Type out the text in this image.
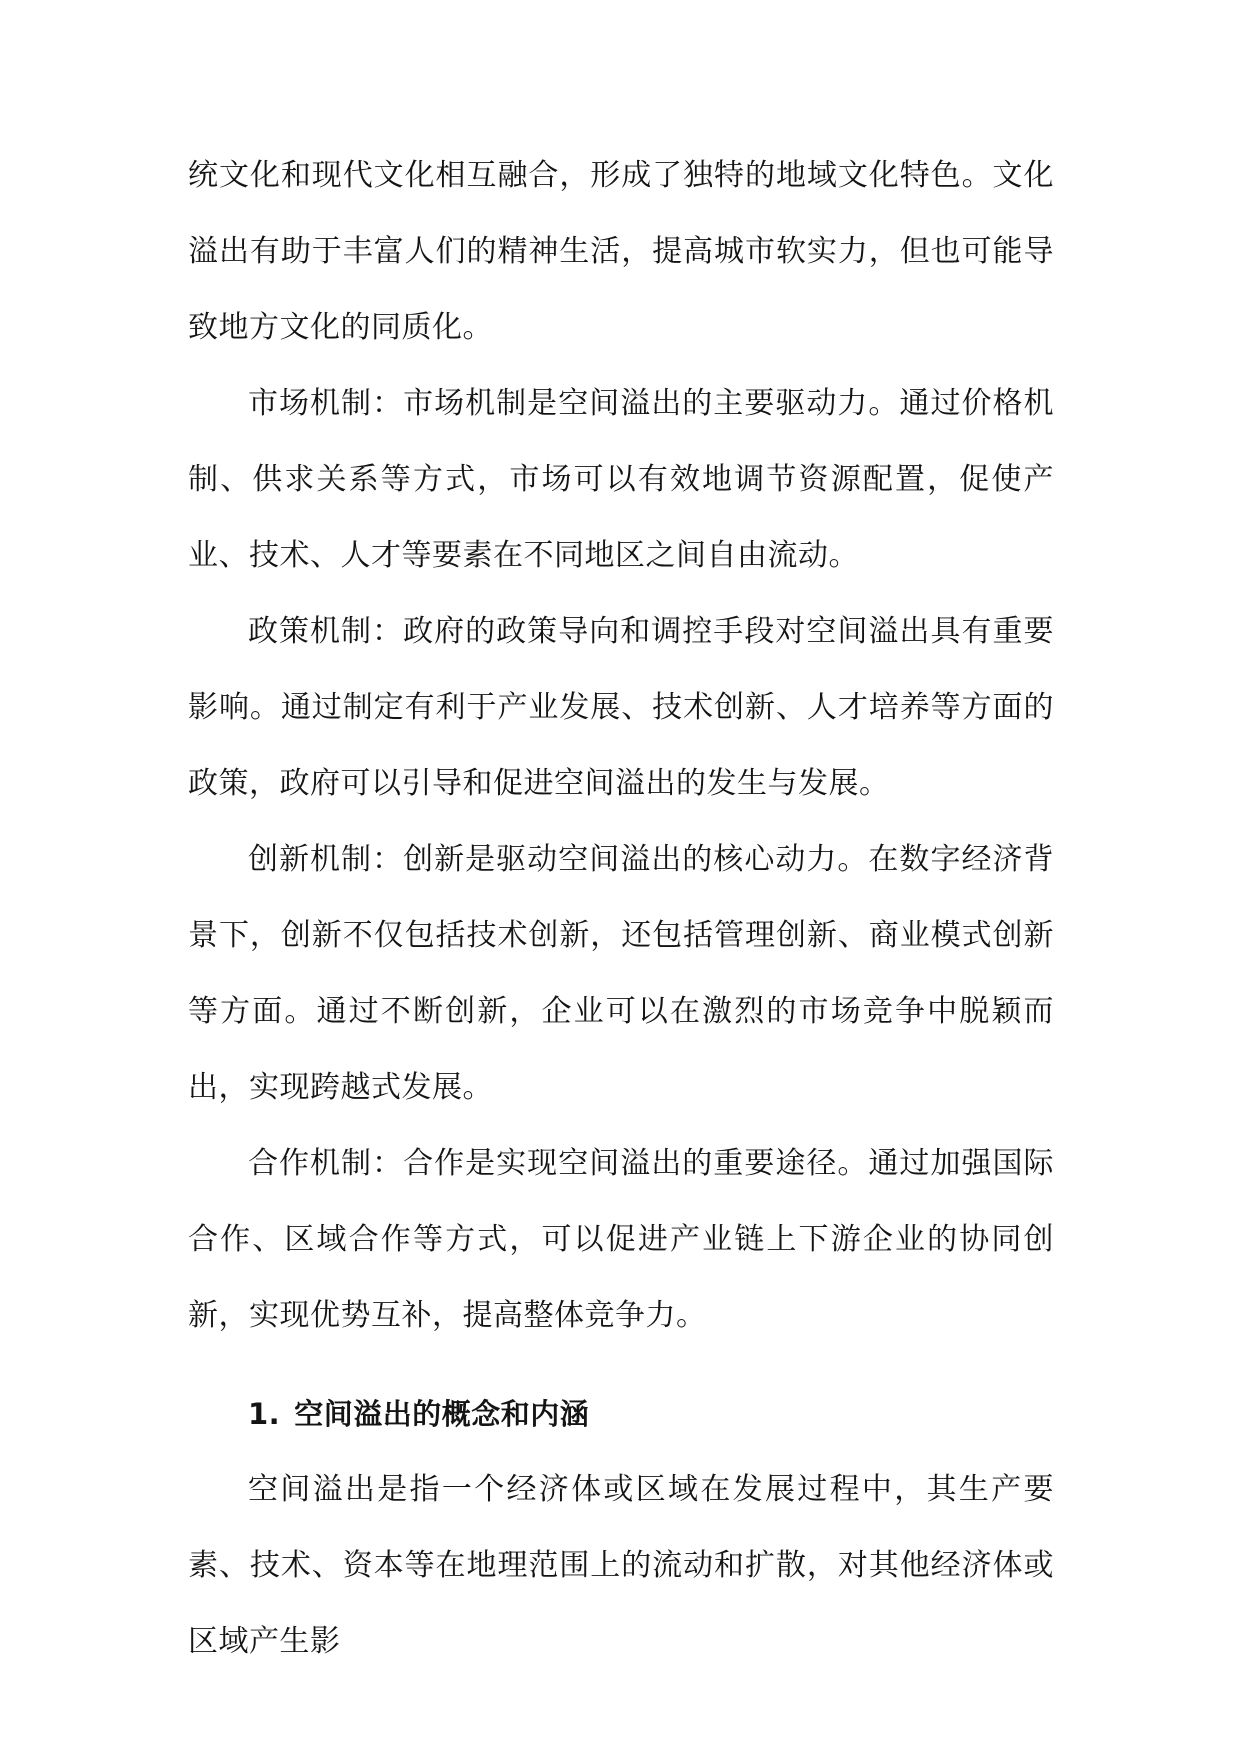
统文化和现代文化相互融合，形成了独特的地域文化特色。文化溢出有助于丰富人们的精神生活，提高城市软实力，但也可能导致地方文化的同质化。

市场机制：市场机制是空间溢出的主要驱动力。通过价格机制、供求关系等方式，市场可以有效地调节资源配置，促使产业、技术、人才等要素在不同地区之间自由流动。

政策机制：政府的政策导向和调控手段对空间溢出具有重要影响。通过制定有利于产业发展、技术创新、人才培养等方面的政策，政府可以引导和促进空间溢出的发生与发展。

创新机制：创新是驱动空间溢出的核心动力。在数字经济背景下，创新不仅包括技术创新，还包括管理创新、商业模式创新等方面。通过不断创新，企业可以在激烈的市场竞争中脱颖而出，实现跨越式发展。

合作机制：合作是实现空间溢出的重要途径。通过加强国际合作、区域合作等方式，可以促进产业链上下游企业的协同创新，实现优势互补，提高整体竞争力。

1. 空间溢出的概念和内涵

空间溢出是指一个经济体或区域在发展过程中，其生产要素、技术、资本等在地理范围上的流动和扩散，对其他经济体或区域产生影
